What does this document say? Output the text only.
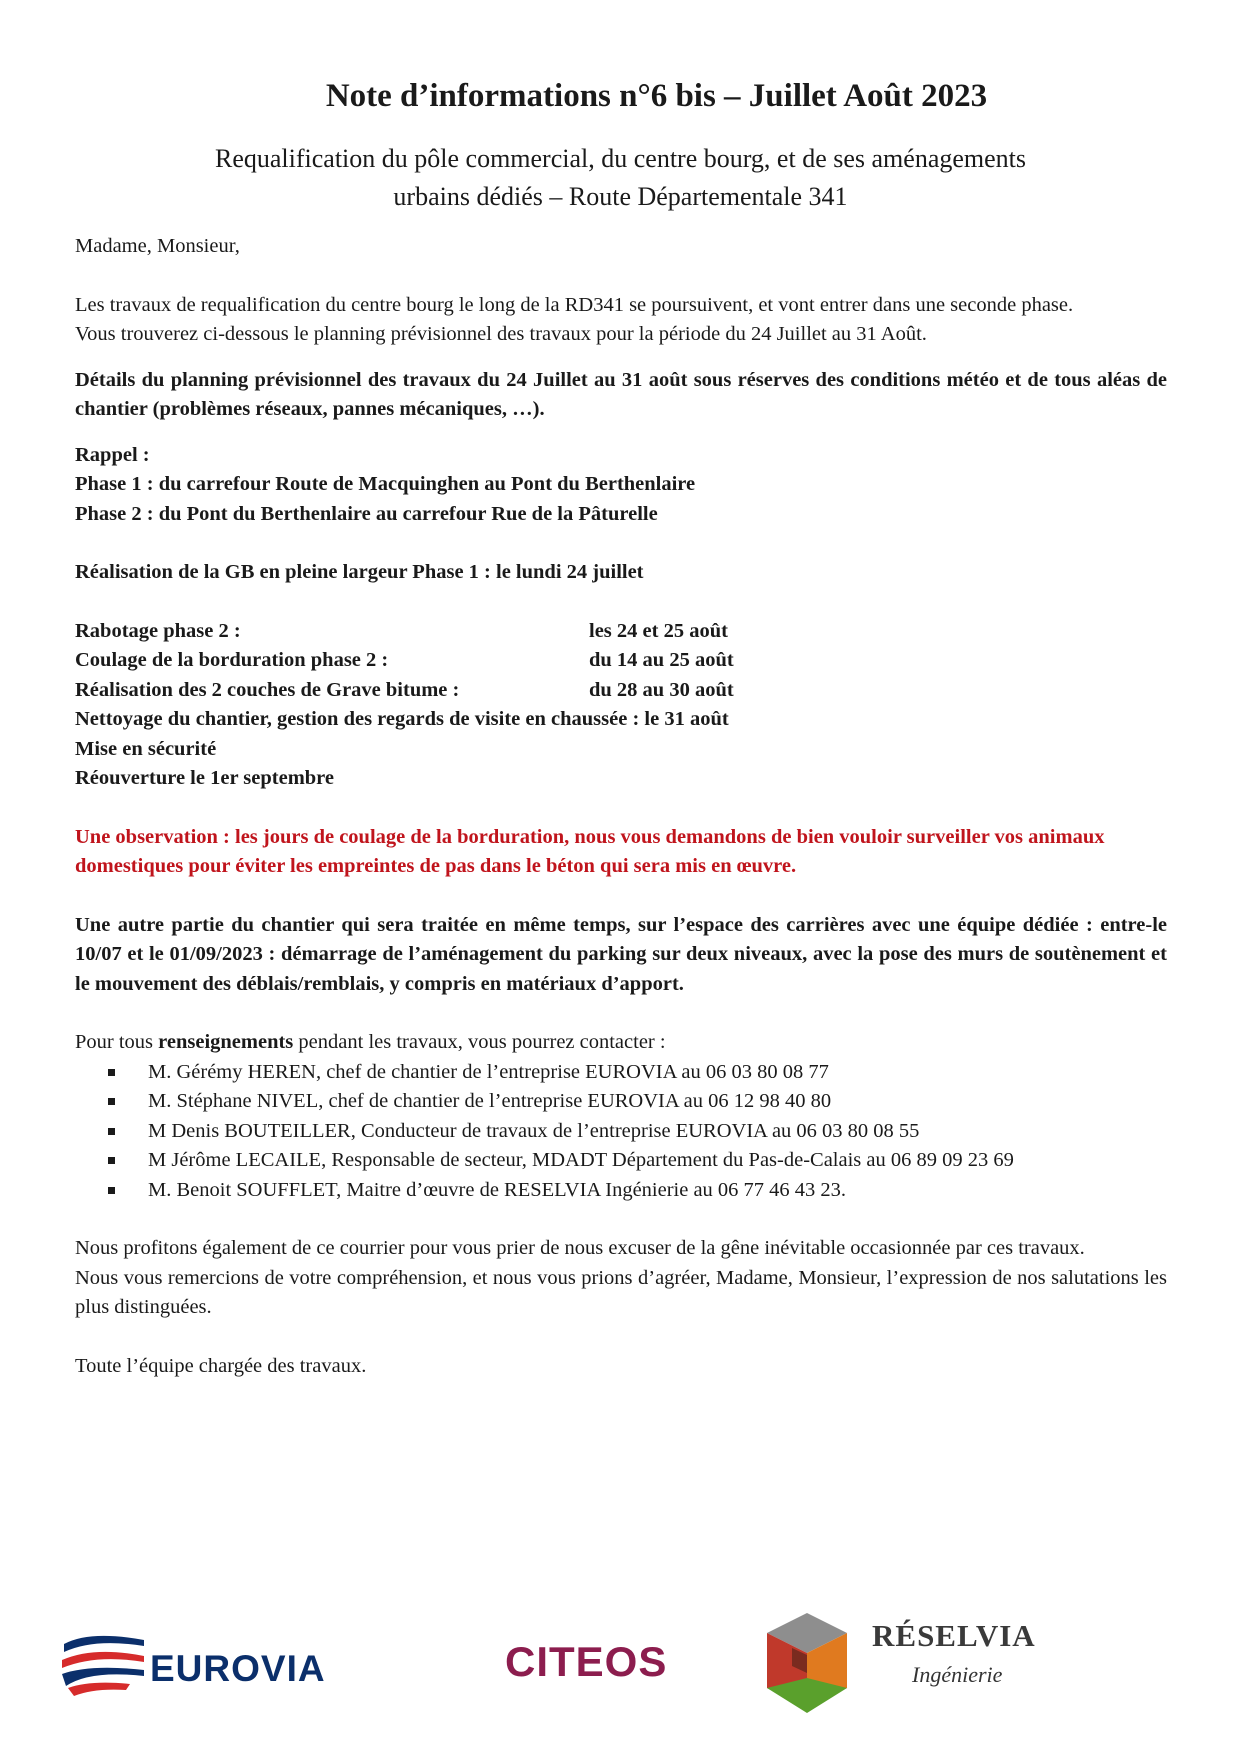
Note d’informations n°6 bis – Juillet Août 2023
Requalification du pôle commercial, du centre bourg, et de ses aménagements
urbains dédiés – Route Départementale 341

Madame, Monsieur,

Les travaux de requalification du centre bourg le long de la RD341 se poursuivent, et vont entrer dans une seconde phase.

Vous trouverez ci-dessous le planning prévisionnel des travaux pour la période du 24 Juillet au 31 Août.

Détails du planning prévisionnel des travaux du 24 Juillet au 31 août sous réserves des conditions météo et de tous aléas de chantier (problèmes réseaux, pannes mécaniques, …).

Rappel :

Phase 1 : du carrefour Route de Macquinghen au Pont du Berthenlaire

Phase 2 : du Pont du Berthenlaire au carrefour Rue de la Pâturelle

Réalisation de la GB en pleine largeur Phase 1 : le lundi 24 juillet

Rabotage phase 2 :	les 24 et 25 août
Coulage de la borduration phase 2 :	du 14 au 25 août
Réalisation des 2 couches de Grave bitume :	du 28 au 30 août

Nettoyage du chantier, gestion des regards de visite en chaussée : le 31 août

Mise en sécurité

Réouverture le 1er septembre

Une observation : les jours de coulage de la borduration, nous vous demandons de bien vouloir surveiller vos animaux domestiques pour éviter les empreintes de pas dans le béton qui sera mis en œuvre.

Une autre partie du chantier qui sera traitée en même temps, sur l’espace des carrières avec une équipe dédiée : entre-le 10/07 et le 01/09/2023 : démarrage de l’aménagement du parking sur deux niveaux, avec la pose des murs de soutènement et le mouvement des déblais/remblais, y compris en matériaux d’apport.

Pour tous renseignements pendant les travaux, vous pourrez contacter :

M. Gérémy HEREN, chef de chantier de l’entreprise EUROVIA au 06 03 80 08 77
M. Stéphane NIVEL, chef de chantier de l’entreprise EUROVIA au 06 12 98 40 80
M Denis BOUTEILLER, Conducteur de travaux de l’entreprise EUROVIA au 06 03 80 08 55
M Jérôme LECAILE, Responsable de secteur, MDADT Département du Pas-de-Calais au 06 89 09 23 69
M. Benoit SOUFFLET, Maitre d’œuvre de RESELVIA Ingénierie au 06 77 46 43 23.

Nous profitons également de ce courrier pour vous prier de nous excuser de la gêne inévitable occasionnée par ces travaux.

Nous vous remercions de votre compréhension, et nous vous prions d’agréer, Madame, Monsieur, l’expression de nos salutations les plus distinguées.

Toute l’équipe chargée des travaux.

EUROVIA	CITEOS
RÉSELVIA
Ingénierie
